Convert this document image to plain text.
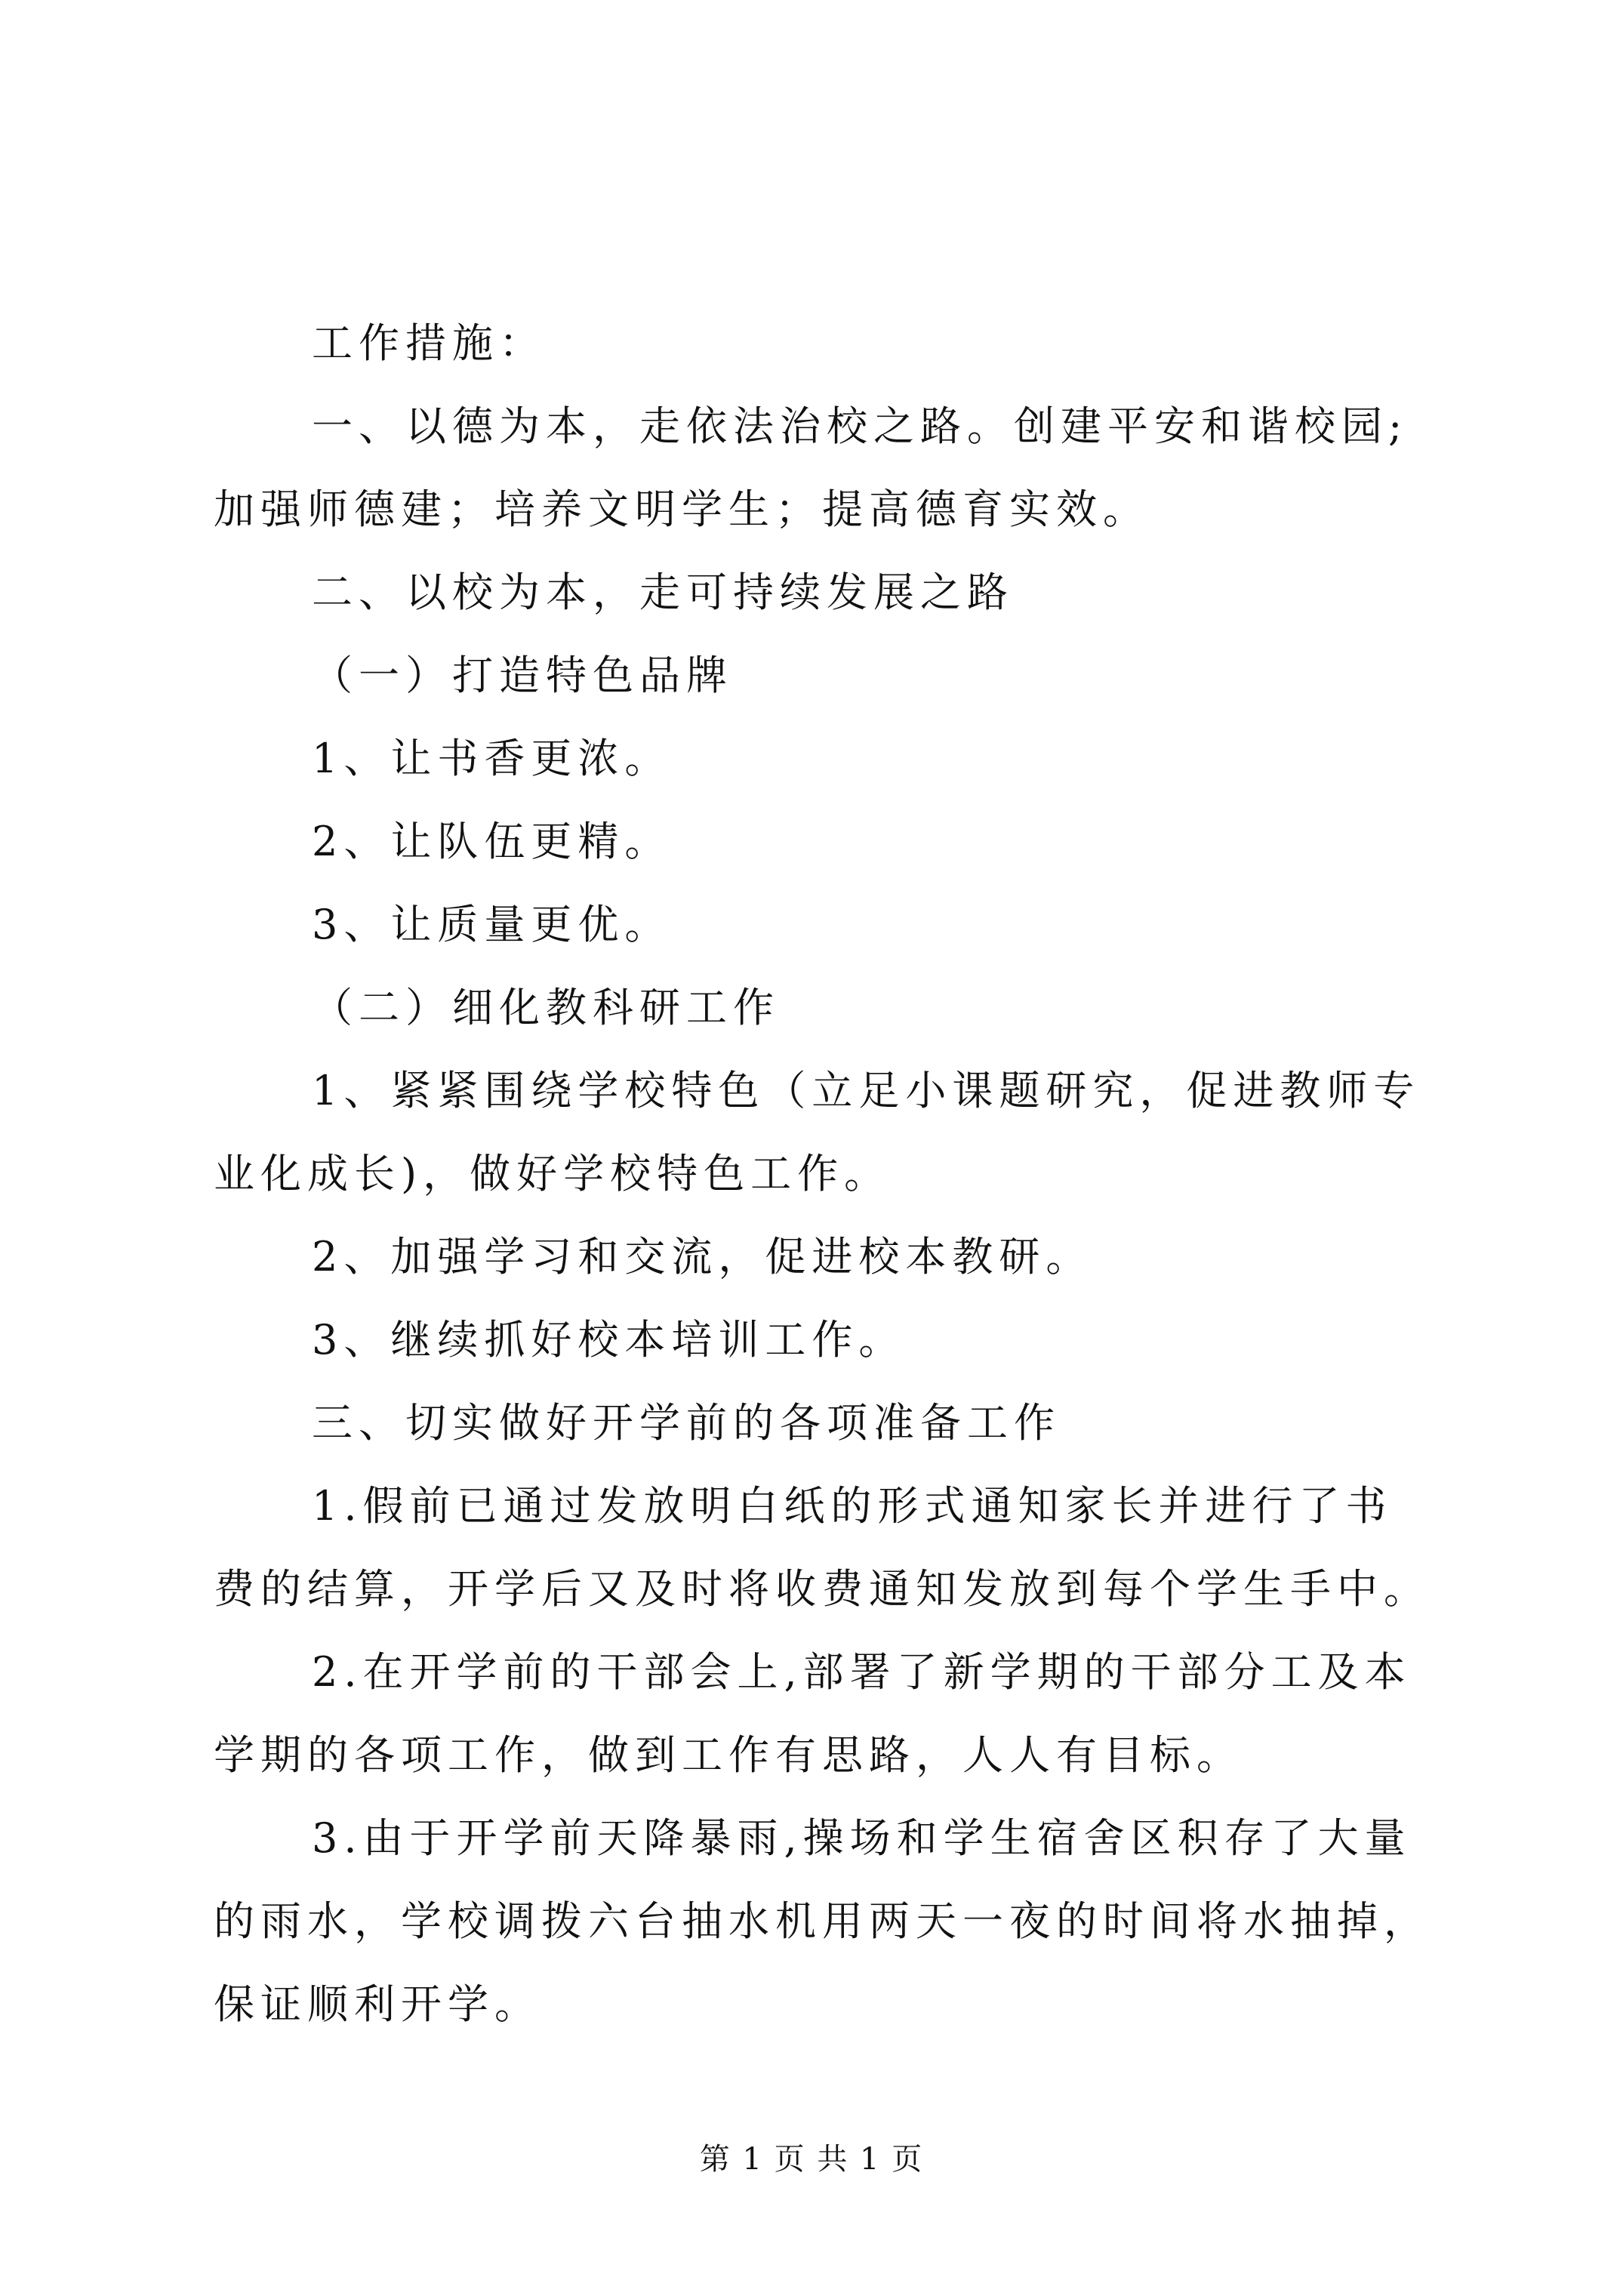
工作措施：

一、以德为本，走依法治校之路。创建平安和谐校园;加强师德建；培养文明学生；提高德育实效。

二、以校为本，走可持续发展之路

（一）打造特色品牌

1、让书香更浓。

2、让队伍更精。

3、让质量更优。

（二）细化教科研工作

1、紧紧围绕学校特色（立足小课题研究，促进教师专业化成长)，做好学校特色工作。

2、加强学习和交流，促进校本教研。

3、继续抓好校本培训工作。

三、切实做好开学前的各项准备工作

1.假前已通过发放明白纸的形式通知家长并进行了书费的结算，开学后又及时将收费通知发放到每个学生手中。

2.在开学前的干部会上,部署了新学期的干部分工及本学期的各项工作，做到工作有思路，人人有目标。

3.由于开学前天降暴雨,操场和学生宿舍区积存了大量的雨水，学校调拨六台抽水机用两天一夜的时间将水抽掉，保证顺利开学。

第 1 页 共 1 页
